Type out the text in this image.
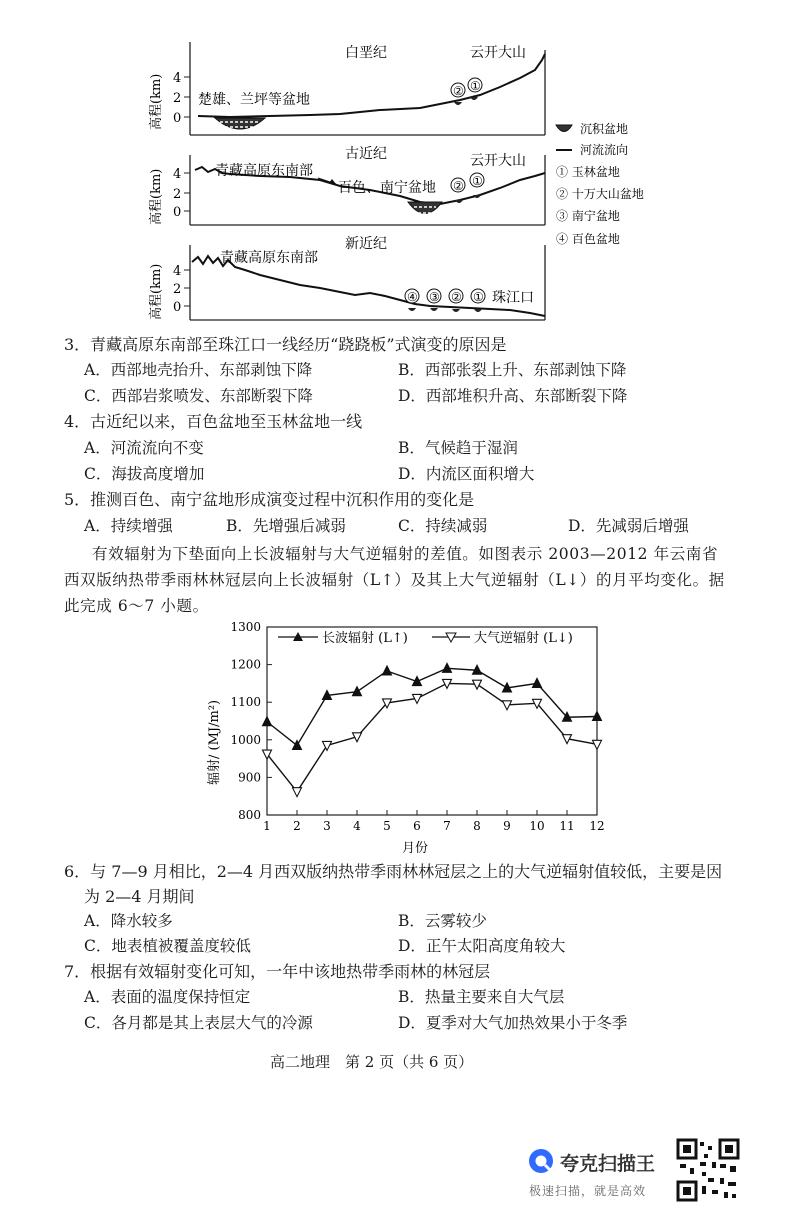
4
2
0
高程(km)	② ①
白垩纪	云开大山
楚雄、兰坪等盆地
4
2
0
高程(km)	② ①
古近纪	云开大山
青藏高原东南部
百色、南宁盆地
4
2
0
高程(km)	④ ③ ② ①
新近纪
青藏高原东南部
珠江口
沉积盆地
河流流向
① 玉林盆地
② 十万大山盆地
③ 南宁盆地
④ 百色盆地
3．青藏高原东南部至珠江口一线经历“跷跷板”式演变的原因是
A．西部地壳抬升、东部剥蚀下降	B．西部张裂上升、东部剥蚀下降
C．西部岩浆喷发、东部断裂下降	D．西部堆积升高、东部断裂下降
4．古近纪以来，百色盆地至玉林盆地一线
A．河流流向不变	B．气候趋于湿润
C．海拔高度增加	D．内流区面积增大
5．推测百色、南宁盆地形成演变过程中沉积作用的变化是
A．持续增强	B．先增强后减弱	C．持续减弱	D．先减弱后增强
有效辐射为下垫面向上长波辐射与大气逆辐射的差值。如图表示 2003—2012 年云南省
西双版纳热带季雨林林冠层向上长波辐射（L↑）及其上大气逆辐射（L↓）的月平均变化。据
此完成 6～7 小题。
800
900
1000
1100
1200
1300
1 2 3 4 5 6 7 8 9 10 11 12
辐射/ (MJ/m²)
月份
长波辐射 (L↑)	大气逆辐射 (L↓)
6．与 7—9 月相比，2—4 月西双版纳热带季雨林林冠层之上的大气逆辐射值较低，主要是因
为 2—4 月期间
A．降水较多	B．云雾较少
C．地表植被覆盖度较低	D．正午太阳高度角较大
7．根据有效辐射变化可知，一年中该地热带季雨林的林冠层
A．表面的温度保持恒定	B．热量主要来自大气层
C．各月都是其上表层大气的冷源	D．夏季对大气加热效果小于冬季
高二地理　第 2 页（共 6 页）
夸克扫描王
极速扫描，就是高效
